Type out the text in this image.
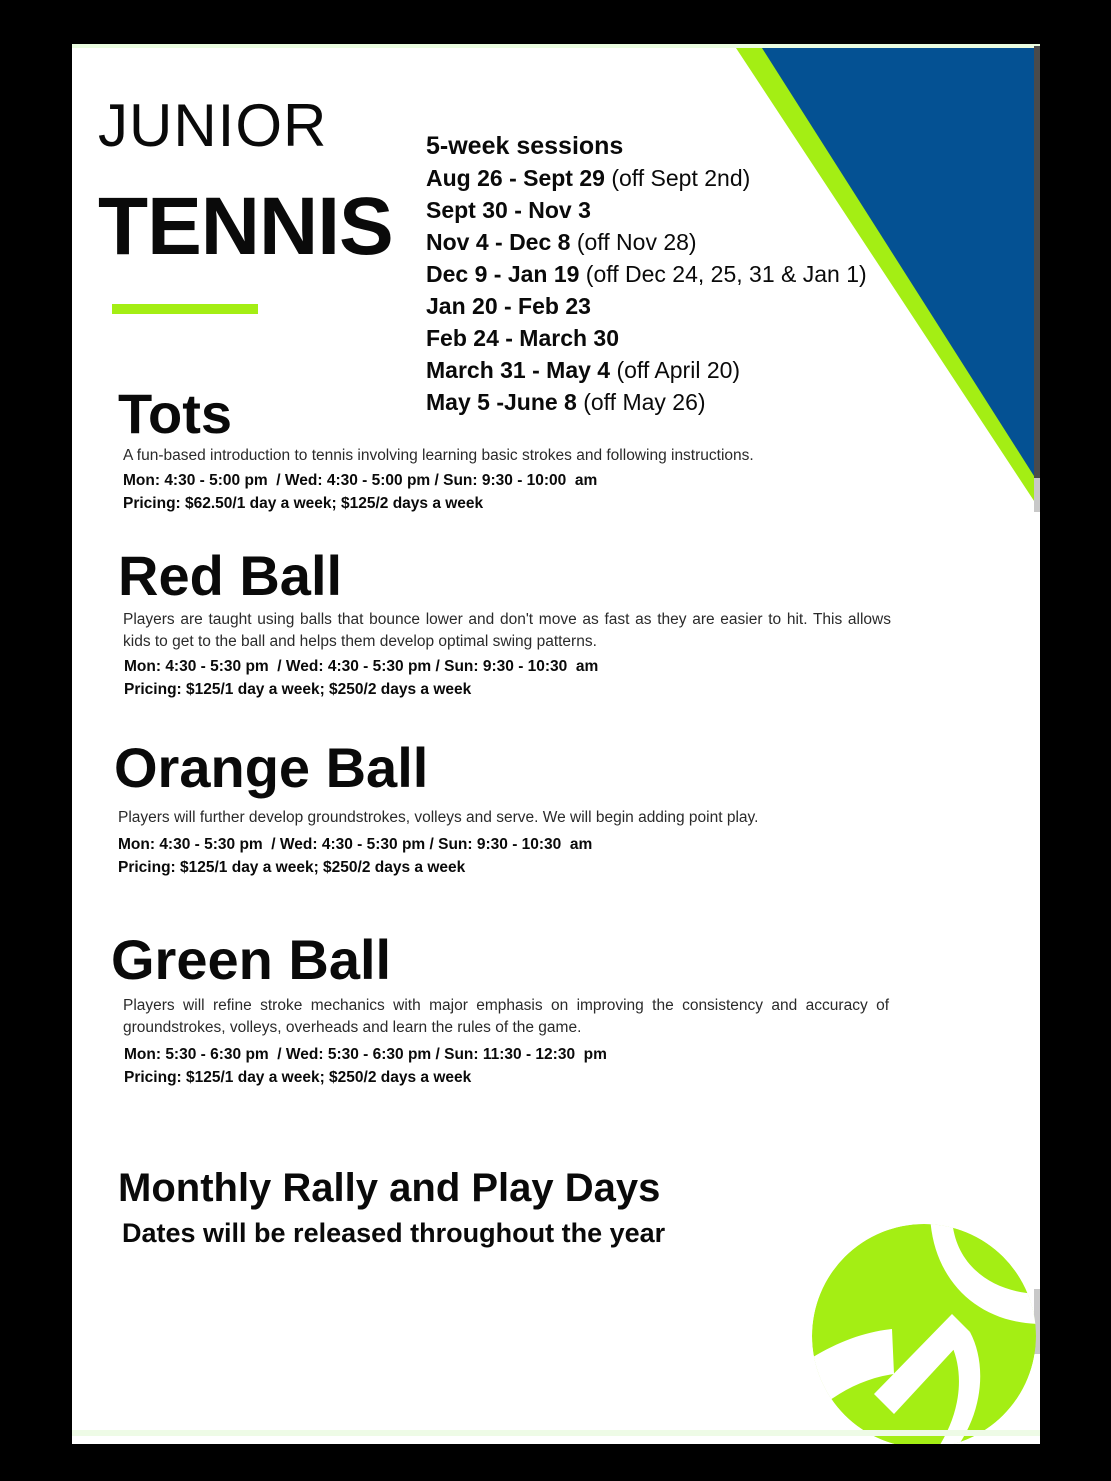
JUNIOR
TENNIS
5-week sessions
Aug 26 - Sept 29 (off Sept 2nd)
Sept 30 - Nov 3
Nov 4 - Dec 8 (off Nov 28)
Dec 9 - Jan 19 (off Dec 24, 25, 31 & Jan 1)
Jan 20 - Feb 23
Feb 24 - March 30
March 31 - May 4 (off April 20)
May 5 -June 8 (off May 26)
Tots
A fun-based introduction to tennis involving learning basic strokes and following instructions.
Mon: 4:30 - 5:00 pm  / Wed: 4:30 - 5:00 pm / Sun: 9:30 - 10:00  am
Pricing: $62.50/1 day a week; $125/2 days a week
Red Ball
Players are taught using balls that bounce lower and don't move as fast as they are easier to hit. This allows kids to get to the ball and helps them develop optimal swing patterns.
Mon: 4:30 - 5:30 pm  / Wed: 4:30 - 5:30 pm / Sun: 9:30 - 10:30  am
Pricing: $125/1 day a week; $250/2 days a week
Orange Ball
Players will further develop groundstrokes, volleys and serve. We will begin adding point play.
Mon: 4:30 - 5:30 pm  / Wed: 4:30 - 5:30 pm / Sun: 9:30 - 10:30  am
Pricing: $125/1 day a week; $250/2 days a week
Green Ball
Players will refine stroke mechanics with major emphasis on improving the consistency and accuracy of groundstrokes, volleys, overheads and learn the rules of the game.
Mon: 5:30 - 6:30 pm  / Wed: 5:30 - 6:30 pm / Sun: 11:30 - 12:30  pm
Pricing: $125/1 day a week; $250/2 days a week
Monthly Rally and Play Days
Dates will be released throughout the year
